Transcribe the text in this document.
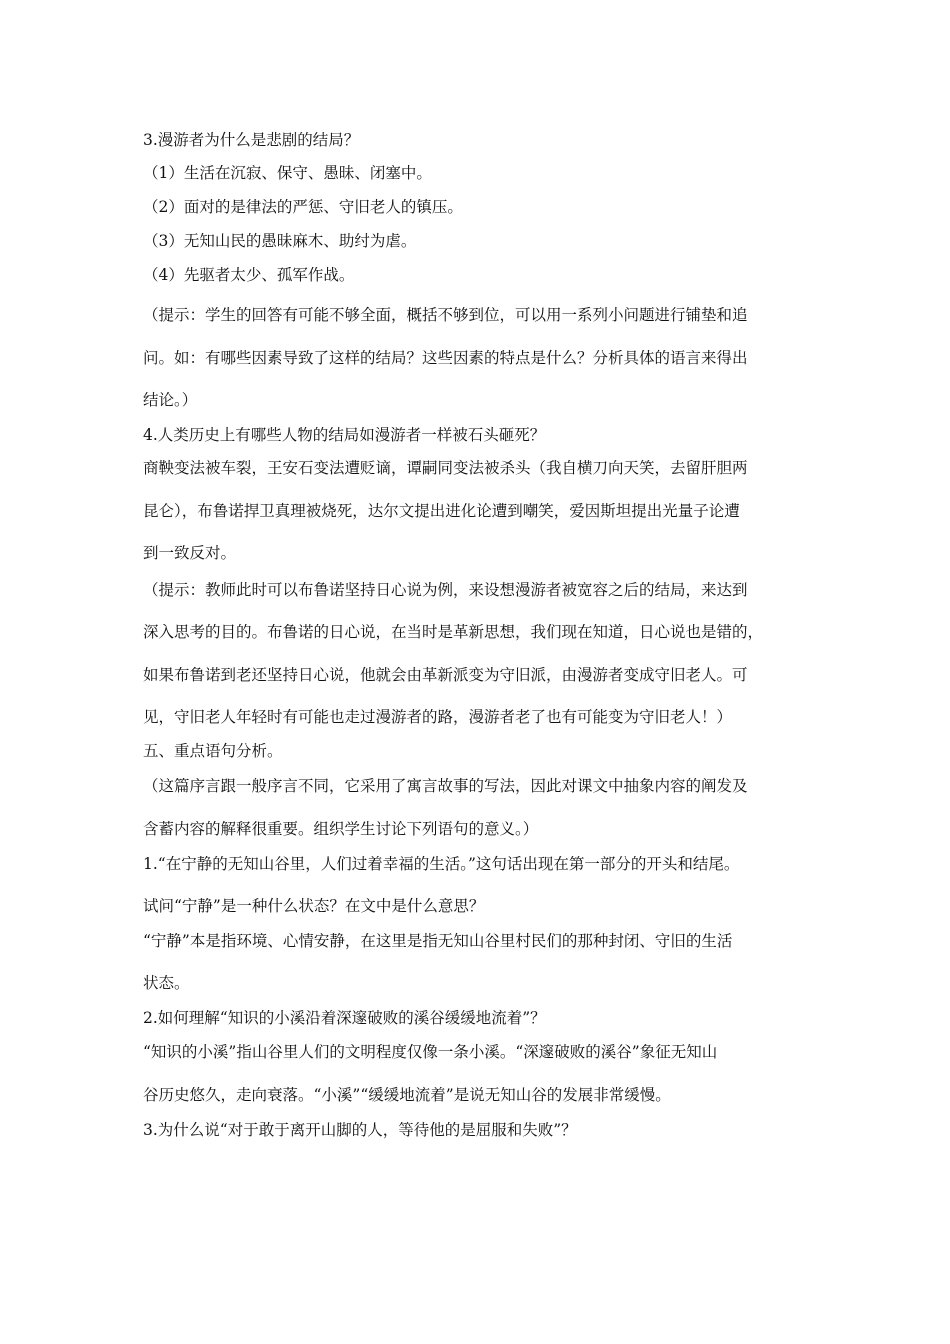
3.漫游者为什么是悲剧的结局？
（1）生活在沉寂、保守、愚昧、闭塞中。
（2）面对的是律法的严惩、守旧老人的镇压。
（3）无知山民的愚昧麻木、助纣为虐。
（4）先驱者太少、孤军作战。
（提示：学生的回答有可能不够全面，概括不够到位，可以用一系列小问题进行铺垫和追
问。如：有哪些因素导致了这样的结局？这些因素的特点是什么？分析具体的语言来得出
结论。）
4.人类历史上有哪些人物的结局如漫游者一样被石头砸死？
商鞅变法被车裂，王安石变法遭贬谪，谭嗣同变法被杀头（我自横刀向天笑，去留肝胆两
昆仑），布鲁诺捍卫真理被烧死，达尔文提出进化论遭到嘲笑，爱因斯坦提出光量子论遭
到一致反对。
（提示：教师此时可以布鲁诺坚持日心说为例，来设想漫游者被宽容之后的结局，来达到
深入思考的目的。布鲁诺的日心说，在当时是革新思想，我们现在知道，日心说也是错的，
如果布鲁诺到老还坚持日心说，他就会由革新派变为守旧派，由漫游者变成守旧老人。可
见，守旧老人年轻时有可能也走过漫游者的路，漫游者老了也有可能变为守旧老人！）
五、重点语句分析。
（这篇序言跟一般序言不同，它采用了寓言故事的写法，因此对课文中抽象内容的阐发及
含蓄内容的解释很重要。组织学生讨论下列语句的意义。）
1.“在宁静的无知山谷里，人们过着幸福的生活。”这句话出现在第一部分的开头和结尾。
试问“宁静”是一种什么状态？在文中是什么意思？
“宁静”本是指环境、心情安静，在这里是指无知山谷里村民们的那种封闭、守旧的生活
状态。
2.如何理解“知识的小溪沿着深邃破败的溪谷缓缓地流着”？
“知识的小溪”指山谷里人们的文明程度仅像一条小溪。“深邃破败的溪谷”象征无知山
谷历史悠久，走向衰落。“小溪”“缓缓地流着”是说无知山谷的发展非常缓慢。
3.为什么说“对于敢于离开山脚的人，等待他的是屈服和失败”？
